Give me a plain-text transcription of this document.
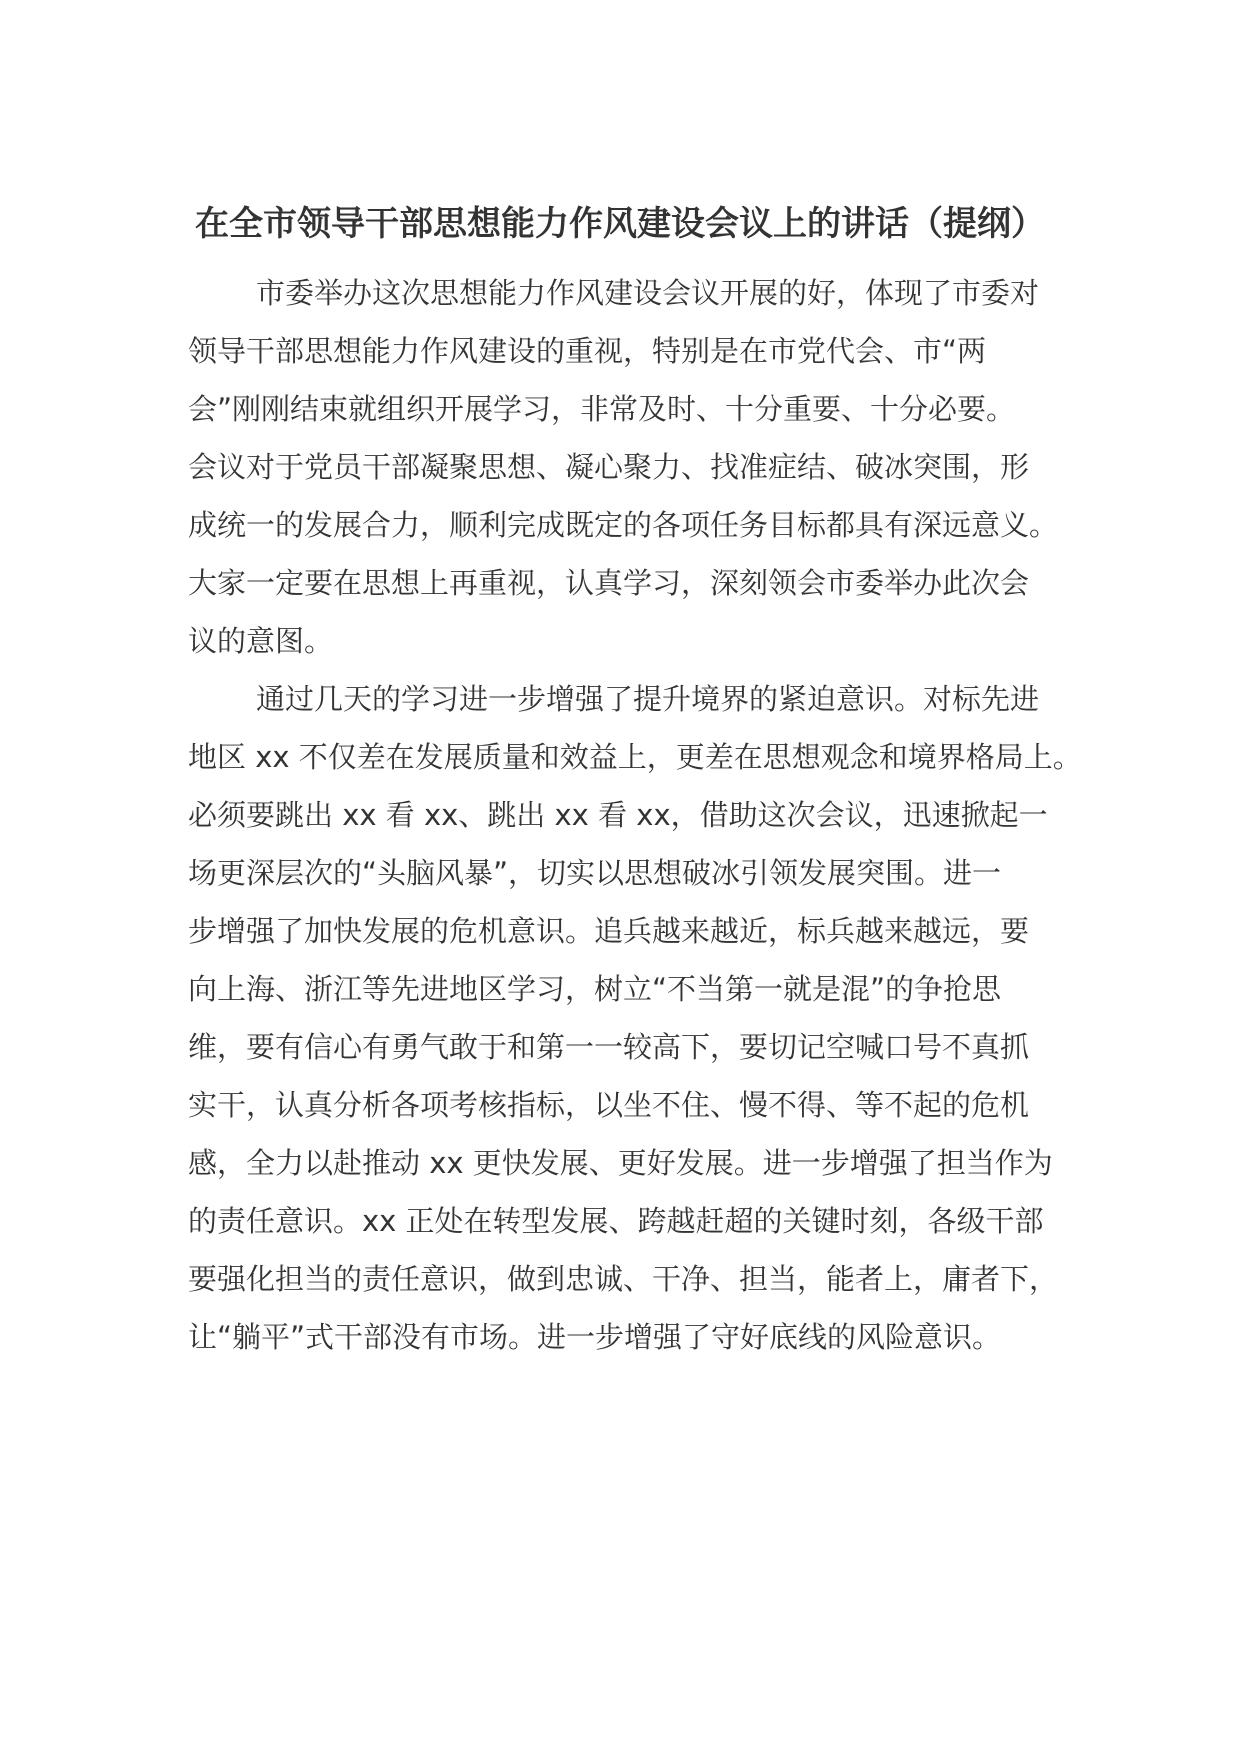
在全市领导干部思想能力作风建设会议上的讲话（提纲）
市委举办这次思想能力作风建设会议开展的好，体现了市委对
领导干部思想能力作风建设的重视，特别是在市党代会、市“两
会”刚刚结束就组织开展学习，非常及时、十分重要、十分必要。
会议对于党员干部凝聚思想、凝心聚力、找准症结、破冰突围，形
成统一的发展合力，顺利完成既定的各项任务目标都具有深远意义。
大家一定要在思想上再重视，认真学习，深刻领会市委举办此次会
议的意图。
通过几天的学习进一步增强了提升境界的紧迫意识。对标先进
地区 xx 不仅差在发展质量和效益上，更差在思想观念和境界格局上。
必须要跳出 xx 看 xx、跳出 xx 看 xx，借助这次会议，迅速掀起一
场更深层次的“头脑风暴”，切实以思想破冰引领发展突围。进一
步增强了加快发展的危机意识。追兵越来越近，标兵越来越远，要
向上海、浙江等先进地区学习，树立“不当第一就是混”的争抢思
维，要有信心有勇气敢于和第一一较高下，要切记空喊口号不真抓
实干，认真分析各项考核指标，以坐不住、慢不得、等不起的危机
感，全力以赴推动 xx 更快发展、更好发展。进一步增强了担当作为
的责任意识。xx 正处在转型发展、跨越赶超的关键时刻，各级干部
要强化担当的责任意识，做到忠诚、干净、担当，能者上，庸者下，
让“躺平”式干部没有市场。进一步增强了守好底线的风险意识。
